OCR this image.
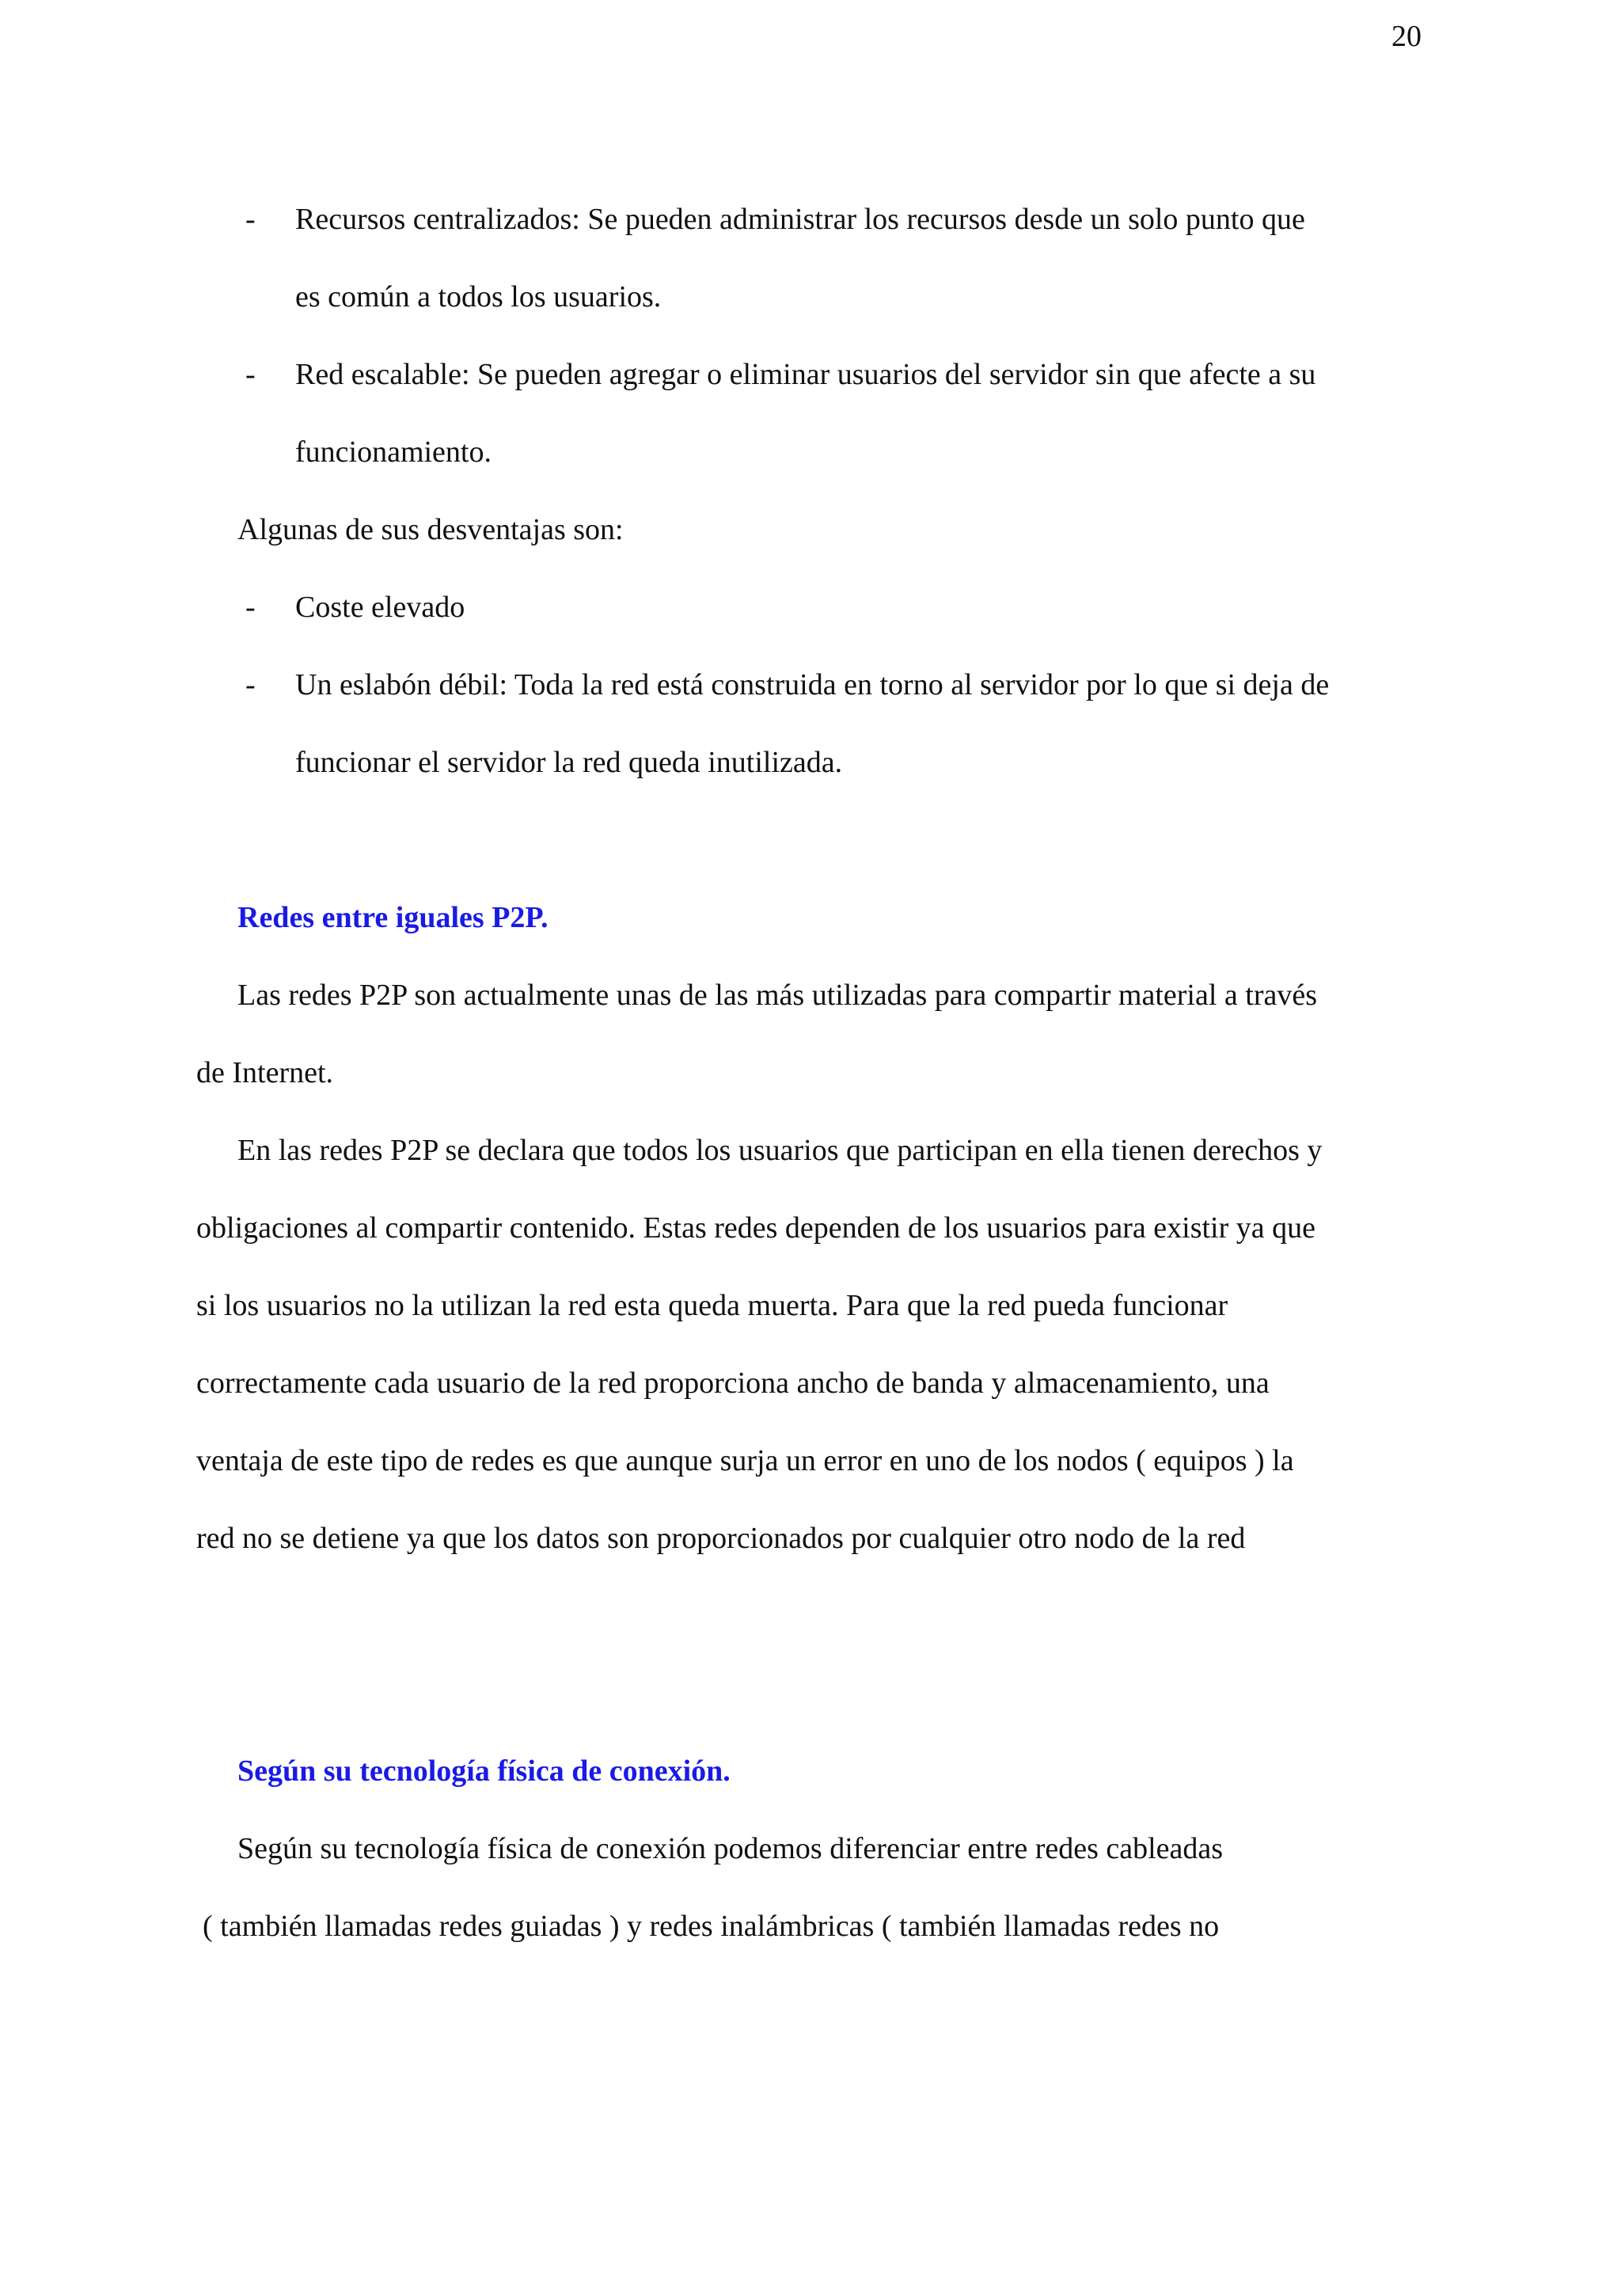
20
- Recursos centralizados: Se pueden administrar los recursos desde un solo punto que
es común a todos los usuarios.
- Red escalable: Se pueden agregar o eliminar usuarios del servidor sin que afecte a su
funcionamiento.
Algunas de sus desventajas son:
- Coste elevado
- Un eslabón débil: Toda la red está construida en torno al servidor por lo que si deja de
funcionar el servidor la red queda inutilizada.
Redes entre iguales P2P.
Las redes P2P son actualmente unas de las más utilizadas para compartir material a través
de Internet.
En las redes P2P se declara que todos los usuarios que participan en ella tienen derechos y
obligaciones al compartir contenido. Estas redes dependen de los usuarios para existir ya que
si los usuarios no la utilizan la red esta queda muerta. Para que la red pueda funcionar
correctamente cada usuario de la red proporciona ancho de banda y almacenamiento, una
ventaja de este tipo de redes es que aunque surja un error en uno de los nodos ( equipos ) la
red no se detiene ya que los datos son proporcionados por cualquier otro nodo de la red
Según su tecnología física de conexión.
Según su tecnología física de conexión podemos diferenciar entre redes cableadas
( también llamadas redes guiadas ) y redes inalámbricas ( también llamadas redes no
